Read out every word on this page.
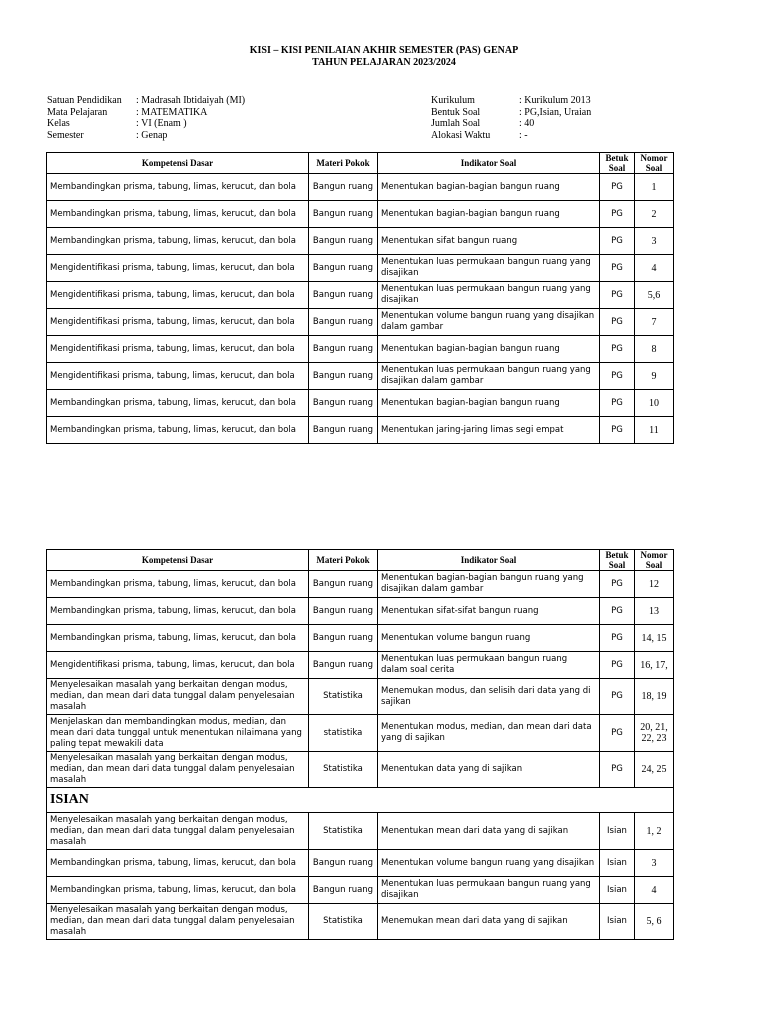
KISI – KISI PENILAIAN AKHIR SEMESTER (PAS) GENAP
TAHUN PELAJARAN 2023/2024
Satuan Pendidikan	: Madrasah Ibtidaiyah (MI)
Mata Pelajaran	: MATEMATIKA
Kelas	: VI (Enam )
Semester	: Genap
Kurikulum	: Kurikulum 2013
Bentuk Soal	: PG,Isian, Uraian
Jumlah Soal	: 40
Alokasi Waktu	: -
Kompetensi Dasar	Materi Pokok	Indikator Soal	Betuk Soal	Nomor Soal
Membandingkan prisma, tabung, limas, kerucut, dan bola	Bangun ruang	Menentukan bagian-bagian bangun ruang	PG	1
Membandingkan prisma, tabung, limas, kerucut, dan bola	Bangun ruang	Menentukan bagian-bagian bangun ruang	PG	2
Membandingkan prisma, tabung, limas, kerucut, dan bola	Bangun ruang	Menentukan sifat bangun ruang	PG	3
Mengidentifikasi prisma, tabung, limas, kerucut, dan bola	Bangun ruang	Menentukan luas permukaan bangun ruang yang disajikan	PG	4
Mengidentifikasi prisma, tabung, limas, kerucut, dan bola	Bangun ruang	Menentukan luas permukaan bangun ruang yang disajikan	PG	5,6
Mengidentifikasi prisma, tabung, limas, kerucut, dan bola	Bangun ruang	Menentukan volume bangun ruang yang disajikan dalam gambar	PG	7
Mengidentifikasi prisma, tabung, limas, kerucut, dan bola	Bangun ruang	Menentukan bagian-bagian bangun ruang	PG	8
Mengidentifikasi prisma, tabung, limas, kerucut, dan bola	Bangun ruang	Menentukan luas permukaan bangun ruang yang disajikan dalam gambar	PG	9
Membandingkan prisma, tabung, limas, kerucut, dan bola	Bangun ruang	Menentukan bagian-bagian bangun ruang	PG	10
Membandingkan prisma, tabung, limas, kerucut, dan bola	Bangun ruang	Menentukan jaring-jaring limas segi empat	PG	11
Kompetensi Dasar	Materi Pokok	Indikator Soal	Betuk Soal	Nomor Soal
Membandingkan prisma, tabung, limas, kerucut, dan bola	Bangun ruang	Menentukan bagian-bagian bangun ruang yang disajikan dalam gambar	PG	12
Membandingkan prisma, tabung, limas, kerucut, dan bola	Bangun ruang	Menentukan sifat-sifat bangun ruang	PG	13
Membandingkan prisma, tabung, limas, kerucut, dan bola	Bangun ruang	Menentukan volume bangun ruang	PG	14, 15
Mengidentifikasi prisma, tabung, limas, kerucut, dan bola	Bangun ruang	Menentukan luas permukaan bangun ruang dalam soal cerita	PG	16, 17,
Menyelesaikan masalah yang berkaitan dengan modus, median, dan mean dari data tunggal dalam penyelesaian masalah	Statistika	Menemukan modus, dan selisih dari data yang di sajikan	PG	18, 19
Menjelaskan dan membandingkan modus, median, dan mean dari data tunggal untuk menentukan nilaimana yang paling tepat mewakili data	statistika	Menentukan modus, median, dan mean dari data yang di sajikan	PG	20, 21, 22, 23
Menyelesaikan masalah yang berkaitan dengan modus, median, dan mean dari data tunggal dalam penyelesaian masalah	Statistika	Menentukan data yang di sajikan	PG	24, 25
ISIAN				
Menyelesaikan masalah yang berkaitan dengan modus, median, dan mean dari data tunggal dalam penyelesaian masalah	Statistika	Menentukan mean dari data yang di sajikan	Isian	1, 2
Membandingkan prisma, tabung, limas, kerucut, dan bola	Bangun ruang	Menentukan volume bangun ruang yang disajikan	Isian	3
Membandingkan prisma, tabung, limas, kerucut, dan bola	Bangun ruang	Menentukan luas permukaan bangun ruang yang disajikan	Isian	4
Menyelesaikan masalah yang berkaitan dengan modus, median, dan mean dari data tunggal dalam penyelesaian masalah	Statistika	Menemukan mean dari data yang di sajikan	Isian	5, 6
